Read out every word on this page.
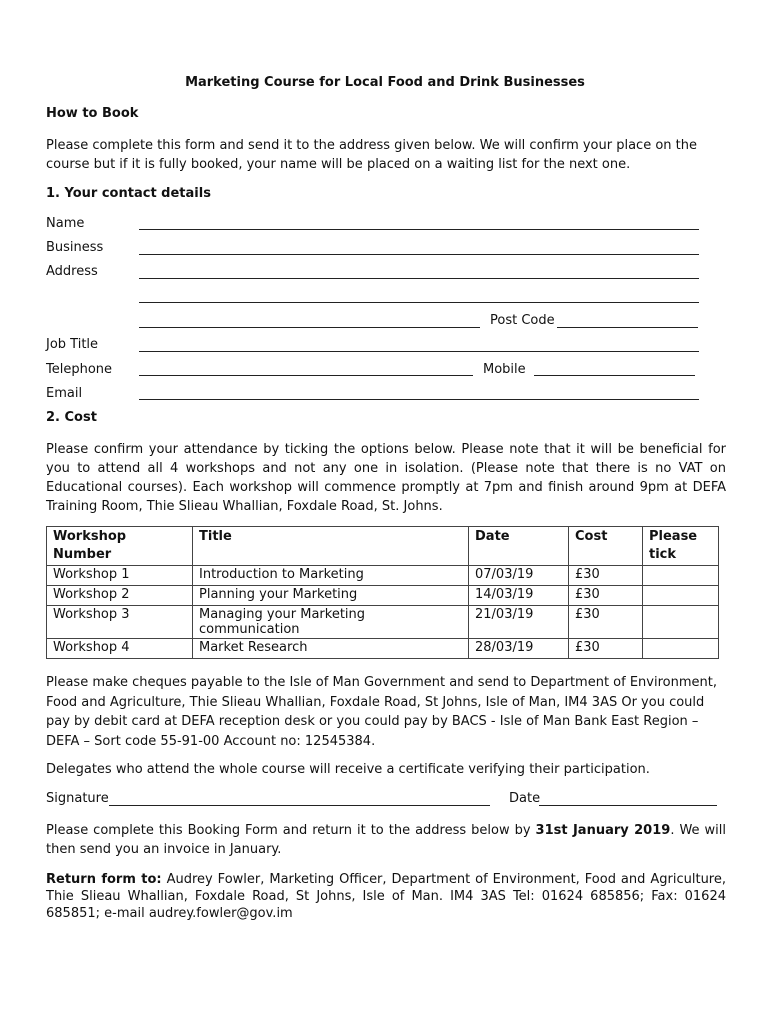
Marketing Course for Local Food and Drink Businesses
How to Book
Please complete this form and send it to the address given below. We will confirm your place on the course but if it is fully booked, your name will be placed on a waiting list for the next one.
1. Your contact details
Name
Business
Address
Post Code
Job Title
Telephone	Mobile
Email
2. Cost
Please confirm your attendance by ticking the options below. Please note that it will be beneficial for you to attend all 4 workshops and not any one in isolation. (Please note that there is no VAT on Educational courses). Each workshop will commence promptly at 7pm and finish around 9pm at DEFA Training Room, Thie Slieau Whallian, Foxdale Road, St. Johns.
Workshop Number	Title	Date	Cost	Please tick
Workshop 1	Introduction to Marketing	07/03/19	£30	
Workshop 2	Planning your Marketing	14/03/19	£30	
Workshop 3	Managing your Marketing communication	21/03/19	£30	
Workshop 4	Market Research	28/03/19	£30	
Please make cheques payable to the Isle of Man Government and send to Department of Environment, Food and Agriculture, Thie Slieau Whallian, Foxdale Road, St Johns, Isle of Man, IM4 3AS Or you could pay by debit card at DEFA reception desk or you could pay by BACS - Isle of Man Bank East Region – DEFA – Sort code 55-91-00 Account no: 12545384.
Delegates who attend the whole course will receive a certificate verifying their participation.
Signature	Date
Please complete this Booking Form and return it to the address below by 31st January 2019. We will then send you an invoice in January.
Return form to: Audrey Fowler, Marketing Officer, Department of Environment, Food and Agriculture, Thie Slieau Whallian, Foxdale Road, St Johns, Isle of Man. IM4 3AS Tel: 01624 685856; Fax: 01624 685851; e-mail audrey.fowler@gov.im
